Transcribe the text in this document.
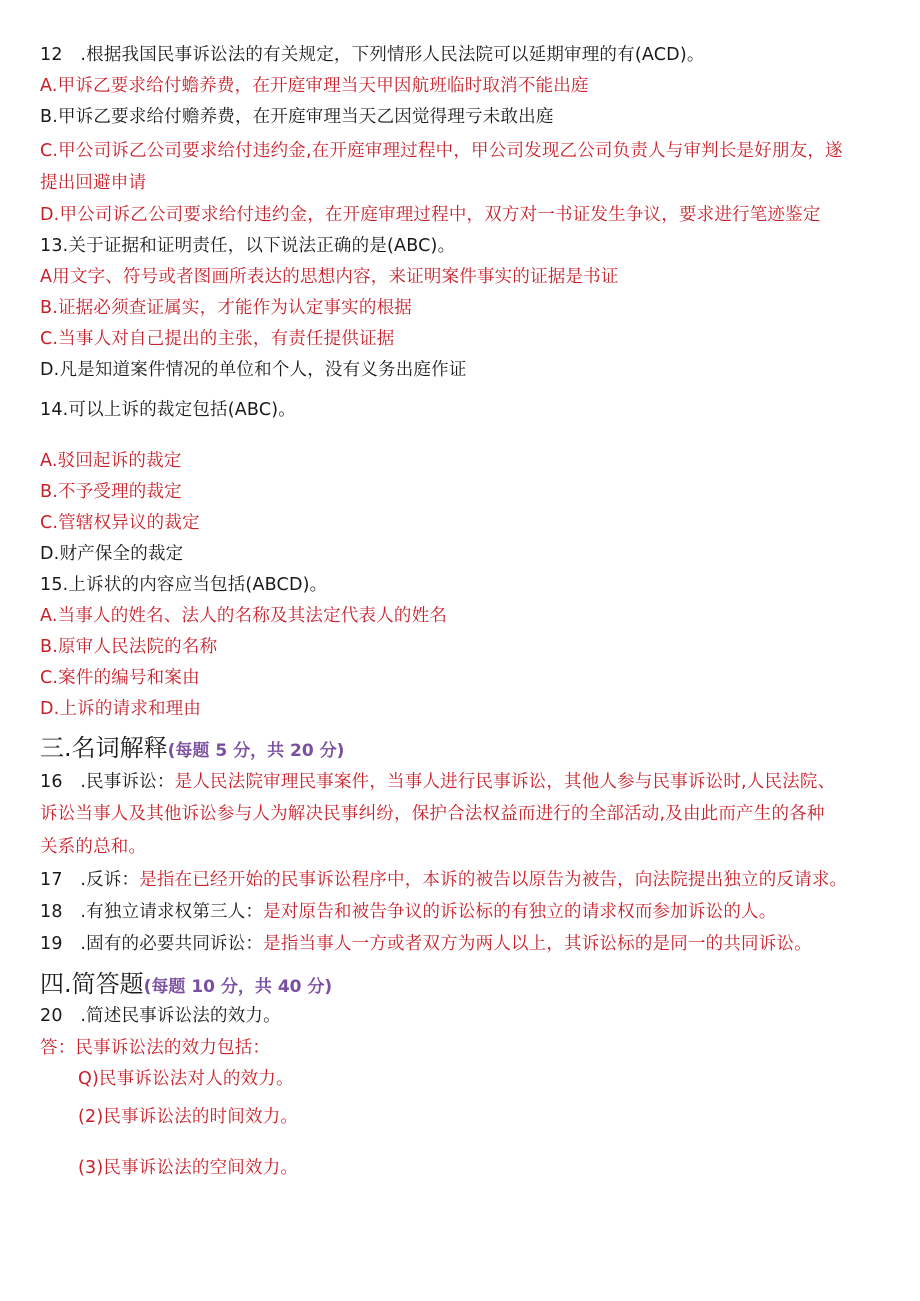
12　.根据我国民事诉讼法的有关规定，下列情形人民法院可以延期审理的有(ACD)。
A.甲诉乙要求给付蟾养费，在开庭审理当天甲因航班临时取消不能出庭
B.甲诉乙要求给付赡养费，在开庭审理当天乙因觉得理亏未敢出庭
C.甲公司诉乙公司要求给付违约金,在开庭审理过程中，甲公司发现乙公司负责人与审判长是好朋友，遂
提出回避申请
D.甲公司诉乙公司要求给付违约金，在开庭审理过程中，双方对一书证发生争议，要求进行笔迹鉴定
13.关于证据和证明责任，以下说法正确的是(ABC)。
A用文字、符号或者图画所表达的思想内容，来证明案件事实的证据是书证
B.证据必须查证属实，才能作为认定事实的根据
C.当事人对自己提出的主张，有责任提供证据
D.凡是知道案件情况的单位和个人，没有义务出庭作证
14.可以上诉的裁定包括(ABC)。
A.驳回起诉的裁定
B.不予受理的裁定
C.管辖权异议的裁定
D.财产保全的裁定
15.上诉状的内容应当包括(ABCD)。
A.当事人的姓名、法人的名称及其法定代表人的姓名
B.原审人民法院的名称
C.案件的编号和案由
D.上诉的请求和理由
三.名词解释(每题 5 分，共 20 分)
16　.民事诉讼：是人民法院审理民事案件，当事人进行民事诉讼，其他人参与民事诉讼时,人民法院、
诉讼当事人及其他诉讼参与人为解决民事纠纷，保护合法权益而进行的全部活动,及由此而产生的各种
关系的总和。
17　.反诉：是指在已经开始的民事诉讼程序中，本诉的被告以原告为被告，向法院提出独立的反请求。
18　.有独立请求权第三人：是对原告和被告争议的诉讼标的有独立的请求权而参加诉讼的人。
19　.固有的必要共同诉讼：是指当事人一方或者双方为两人以上，其诉讼标的是同一的共同诉讼。
四.简答题(每题 10 分，共 40 分)
20　.简述民事诉讼法的效力。
答：民事诉讼法的效力包括：
Q)民事诉讼法对人的效力。
(2)民事诉讼法的时间效力。
(3)民事诉讼法的空间效力。
